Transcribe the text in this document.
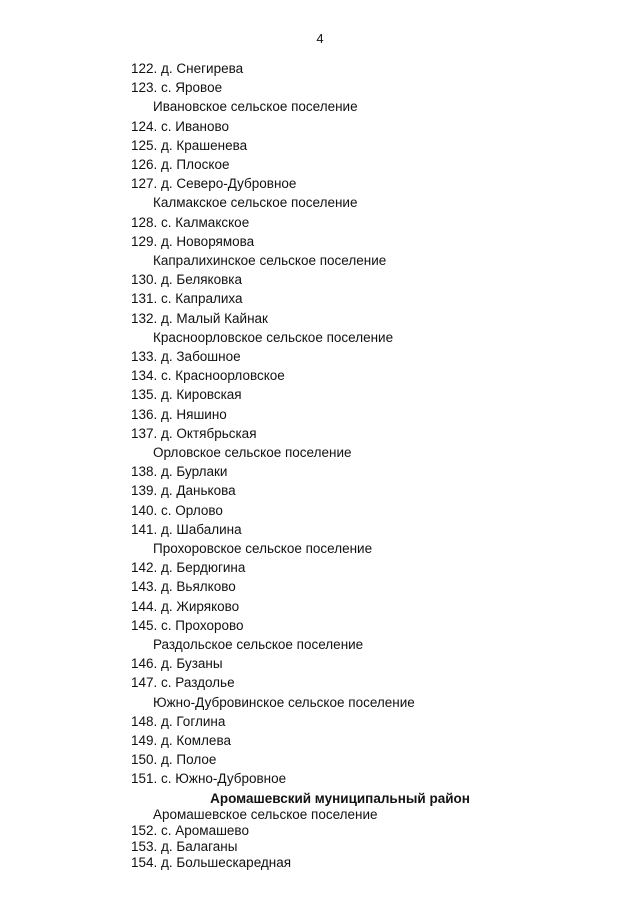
4
122. д. Снегирева
123. с. Яровое
Ивановское сельское поселение
124. с. Иваново
125. д. Крашенева
126. д. Плоское
127. д. Северо-Дубровное
Калмакское сельское поселение
128. с. Калмакское
129. д. Новорямова
Капралихинское сельское поселение
130. д. Беляковка
131. с. Капралиха
132. д. Малый Кайнак
Красноорловское сельское поселение
133. д. Забошное
134. с. Красноорловское
135. д. Кировская
136. д. Няшино
137. д. Октябрьская
Орловское сельское поселение
138. д. Бурлаки
139. д. Данькова
140. с. Орлово
141. д. Шабалина
Прохоровское сельское поселение
142. д. Бердюгина
143. д. Вьялково
144. д. Жиряково
145. с. Прохорово
Раздольское сельское поселение
146. д. Бузаны
147. с. Раздолье
Южно-Дубровинское сельское поселение
148. д. Гоглина
149. д. Комлева
150. д. Полое
151. с. Южно-Дубровное
Аромашевский муниципальный район
Аромашевское сельское поселение
152. с. Аромашево
153. д. Балаганы
154. д. Большескаредная
